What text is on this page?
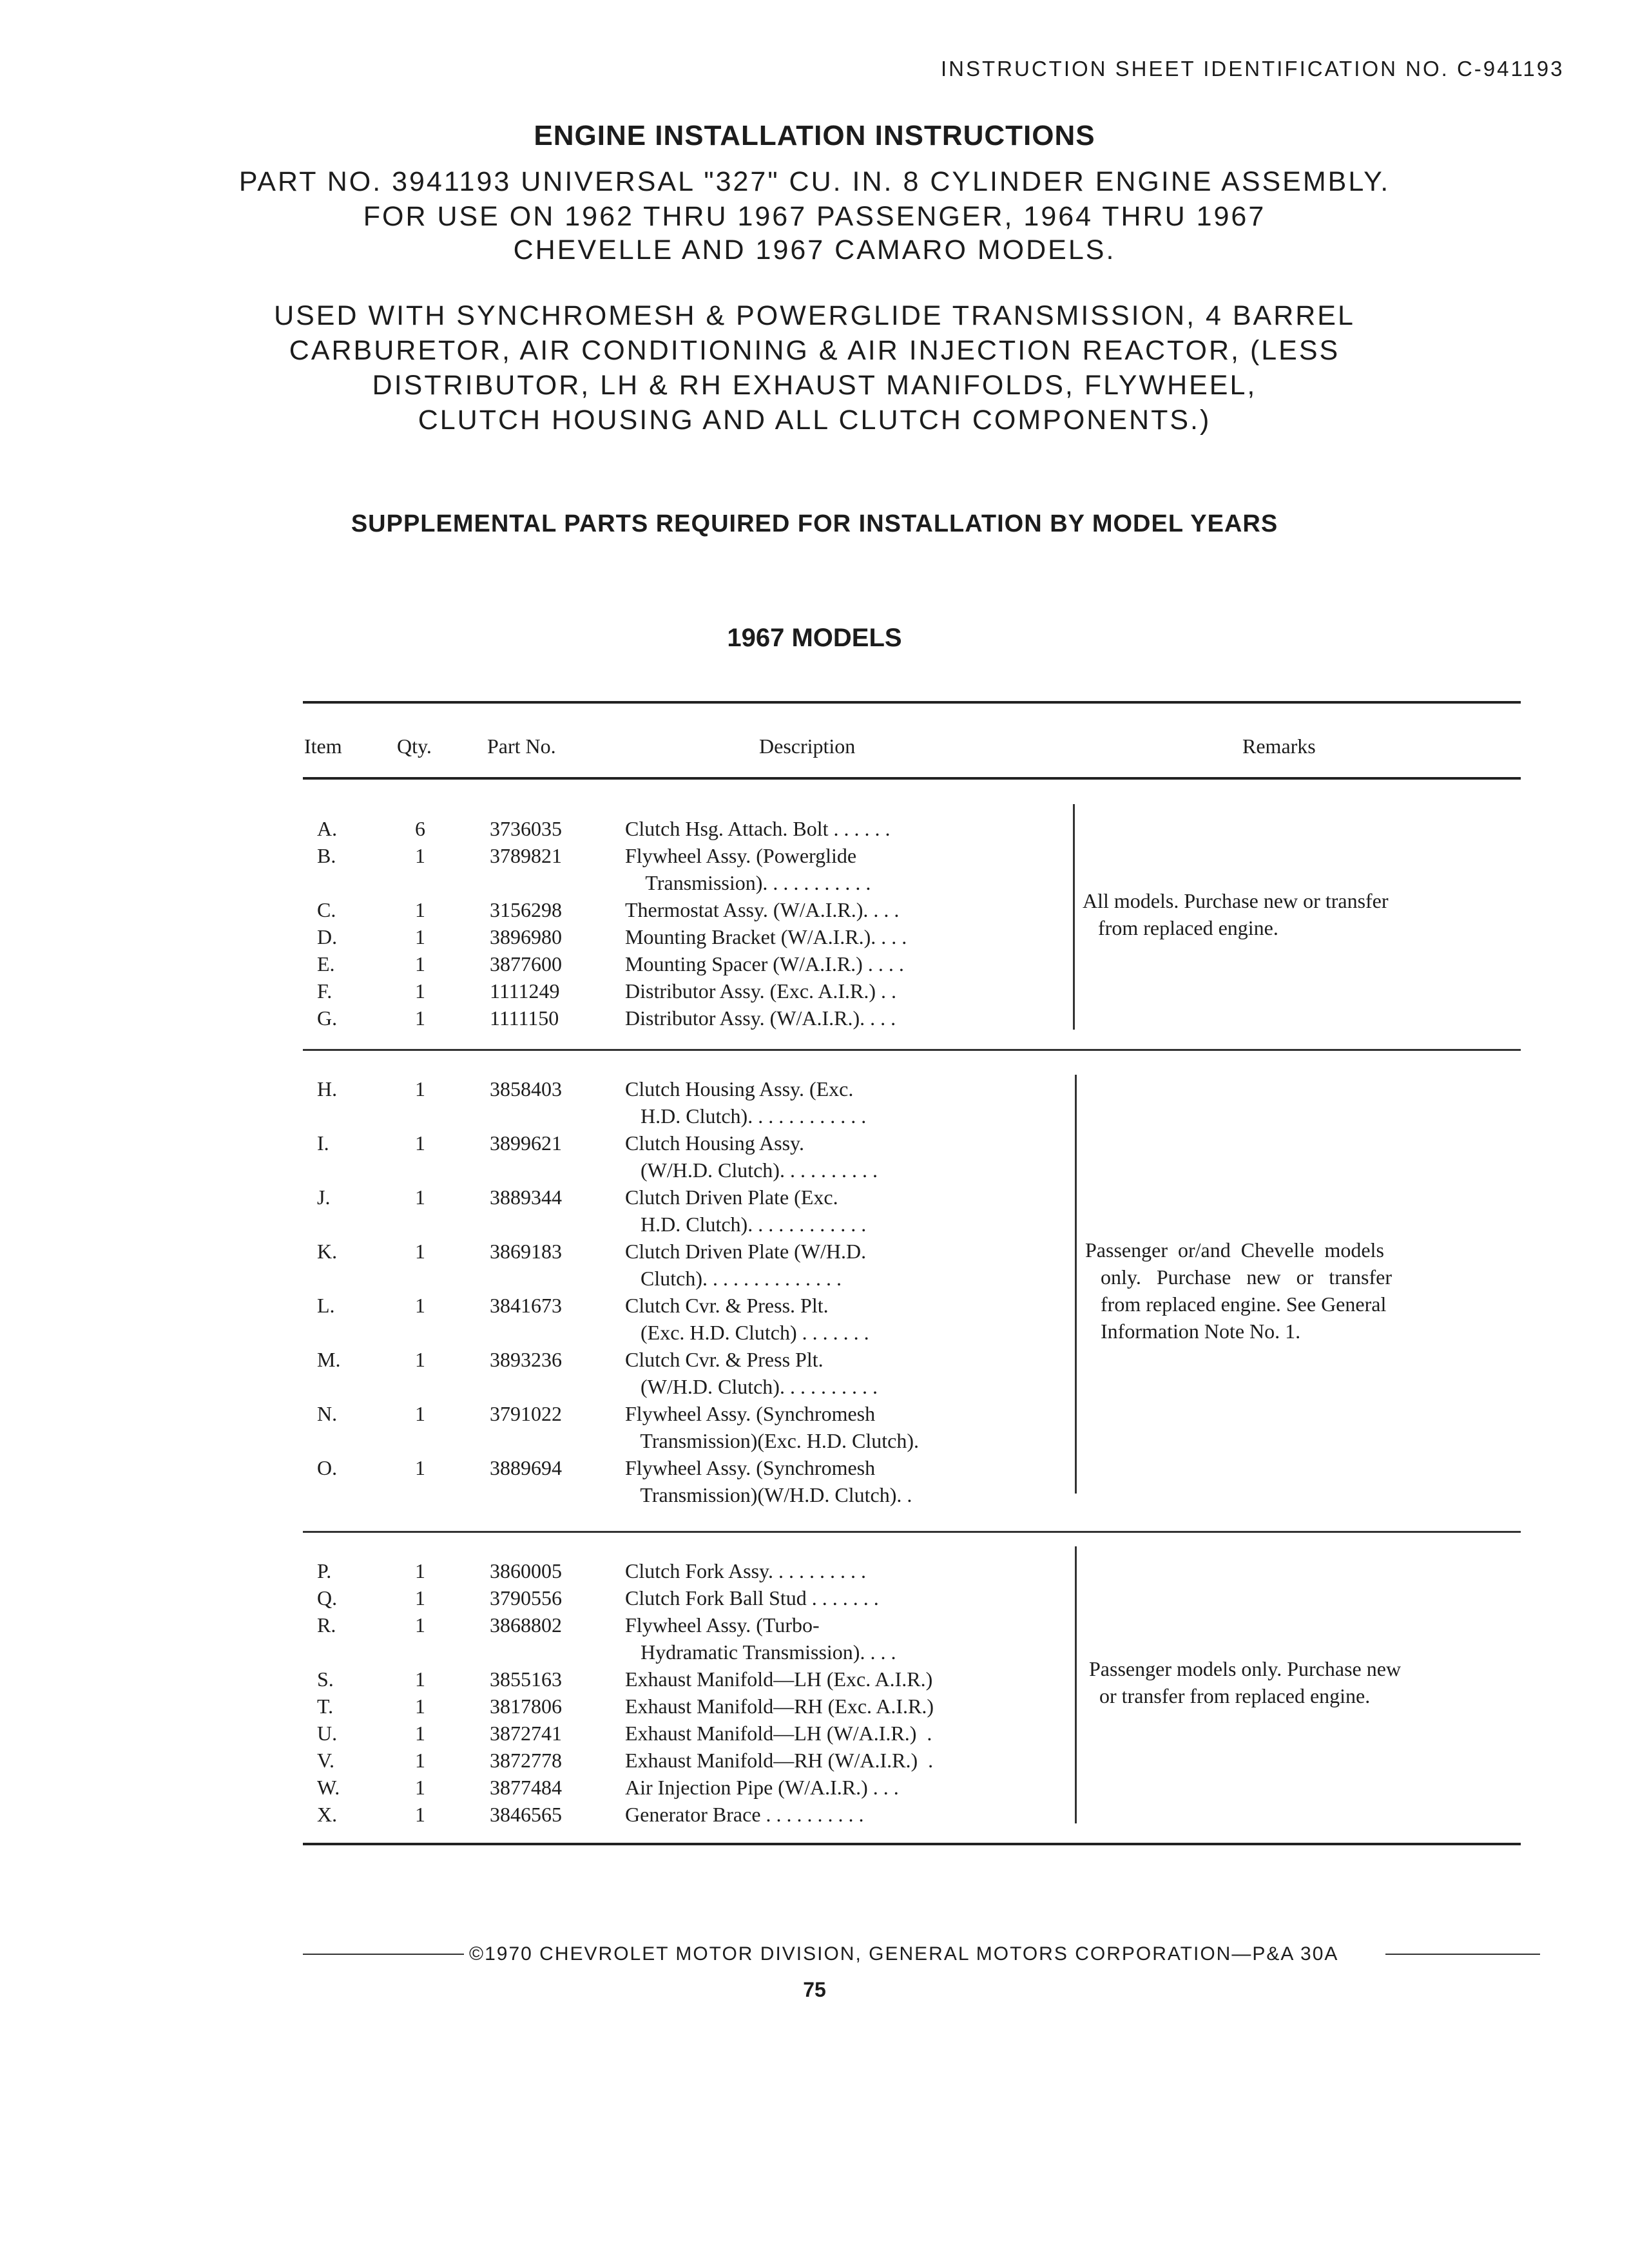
INSTRUCTION SHEET IDENTIFICATION NO. C-941193
ENGINE INSTALLATION INSTRUCTIONS
PART NO. 3941193 UNIVERSAL "327" CU. IN. 8 CYLINDER ENGINE ASSEMBLY.
FOR USE ON 1962 THRU 1967 PASSENGER, 1964 THRU 1967
CHEVELLE AND 1967 CAMARO MODELS.
USED WITH SYNCHROMESH & POWERGLIDE TRANSMISSION, 4 BARREL
CARBURETOR, AIR CONDITIONING & AIR INJECTION REACTOR, (LESS
DISTRIBUTOR, LH & RH EXHAUST MANIFOLDS, FLYWHEEL,
CLUTCH HOUSING AND ALL CLUTCH COMPONENTS.)
SUPPLEMENTAL PARTS REQUIRED FOR INSTALLATION BY MODEL YEARS
1967 MODELS
Item	Qty.	Part No.	Description	Remarks
A.	6	3736035	Clutch Hsg. Attach. Bolt . . . . . .
B.	1	3789821	Flywheel Assy. (Powerglide
Transmission). . . . . . . . . . .
C.	1	3156298	Thermostat Assy. (W/A.I.R.). . . .
D.	1	3896980	Mounting Bracket (W/A.I.R.). . . .
E.	1	3877600	Mounting Spacer (W/A.I.R.) . . . .
F.	1	1111249	Distributor Assy. (Exc. A.I.R.) . .
G.	1	1111150	Distributor Assy. (W/A.I.R.). . . .
All models. Purchase new or transfer
from replaced engine.
H.	1	3858403	Clutch Housing Assy. (Exc.
H.D. Clutch). . . . . . . . . . . .
I.	1	3899621	Clutch Housing Assy.
(W/H.D. Clutch). . . . . . . . . .
J.	1	3889344	Clutch Driven Plate (Exc.
H.D. Clutch). . . . . . . . . . . .
K.	1	3869183	Clutch Driven Plate (W/H.D.
Clutch). . . . . . . . . . . . . .
L.	1	3841673	Clutch Cvr. & Press. Plt.
(Exc. H.D. Clutch) . . . . . . .
M.	1	3893236	Clutch Cvr. & Press Plt.
(W/H.D. Clutch). . . . . . . . . .
N.	1	3791022	Flywheel Assy. (Synchromesh
Transmission)(Exc. H.D. Clutch).
O.	1	3889694	Flywheel Assy. (Synchromesh
Transmission)(W/H.D. Clutch). .
Passenger  or/and  Chevelle  models
only.   Purchase   new   or   transfer
from replaced engine. See General
Information Note No. 1.
P.	1	3860005	Clutch Fork Assy. . . . . . . . . .
Q.	1	3790556	Clutch Fork Ball Stud . . . . . . .
R.	1	3868802	Flywheel Assy. (Turbo-
Hydramatic Transmission). . . .
S.	1	3855163	Exhaust Manifold—LH (Exc. A.I.R.)
T.	1	3817806	Exhaust Manifold—RH (Exc. A.I.R.)
U.	1	3872741	Exhaust Manifold—LH (W/A.I.R.)  .
V.	1	3872778	Exhaust Manifold—RH (W/A.I.R.)  .
W.	1	3877484	Air Injection Pipe (W/A.I.R.) . . .
X.	1	3846565	Generator Brace . . . . . . . . . .
Passenger models only. Purchase new
or transfer from replaced engine.
©1970 CHEVROLET MOTOR DIVISION, GENERAL MOTORS CORPORATION—P&A 30A
75
